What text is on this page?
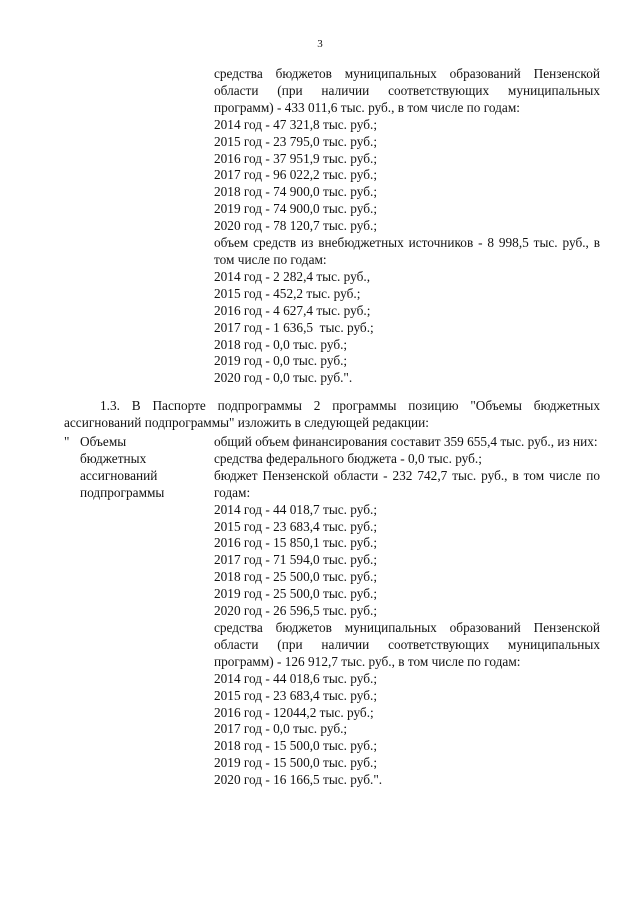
3
средства бюджетов муниципальных образований Пензенской области (при наличии соответствующих муниципальных программ) - 433 011,6 тыс. руб., в том числе по годам:
2014 год - 47 321,8 тыс. руб.;
2015 год - 23 795,0 тыс. руб.;
2016 год - 37 951,9 тыс. руб.;
2017 год - 96 022,2 тыс. руб.;
2018 год - 74 900,0 тыс. руб.;
2019 год - 74 900,0 тыс. руб.;
2020 год - 78 120,7 тыс. руб.;
объем средств из внебюджетных источников - 8 998,5 тыс. руб., в том числе по годам:
2014 год - 2 282,4 тыс. руб.,
2015 год - 452,2 тыс. руб.;
2016 год - 4 627,4 тыс. руб.;
2017 год - 1 636,5  тыс. руб.;
2018 год - 0,0 тыс. руб.;
2019 год - 0,0 тыс. руб.;
2020 год - 0,0 тыс. руб.".
1.3. В Паспорте подпрограммы 2 программы позицию "Объемы бюджетных ассигнований подпрограммы" изложить в следующей редакции:
" Объемы
бюджетных
ассигнований
подпрограммы
общий объем финансирования составит 359 655,4 тыс. руб., из них:
средства федерального бюджета - 0,0 тыс. руб.;
бюджет Пензенской области - 232 742,7 тыс. руб., в том числе по годам:
2014 год - 44 018,7 тыс. руб.;
2015 год - 23 683,4 тыс. руб.;
2016 год - 15 850,1 тыс. руб.;
2017 год - 71 594,0 тыс. руб.;
2018 год - 25 500,0 тыс. руб.;
2019 год - 25 500,0 тыс. руб.;
2020 год - 26 596,5 тыс. руб.;
средства бюджетов муниципальных образований Пензенской области (при наличии соответствующих муниципальных программ) - 126 912,7 тыс. руб., в том числе по годам:
2014 год - 44 018,6 тыс. руб.;
2015 год - 23 683,4 тыс. руб.;
2016 год - 12044,2 тыс. руб.;
2017 год - 0,0 тыс. руб.;
2018 год - 15 500,0 тыс. руб.;
2019 год - 15 500,0 тыс. руб.;
2020 год - 16 166,5 тыс. руб.".
